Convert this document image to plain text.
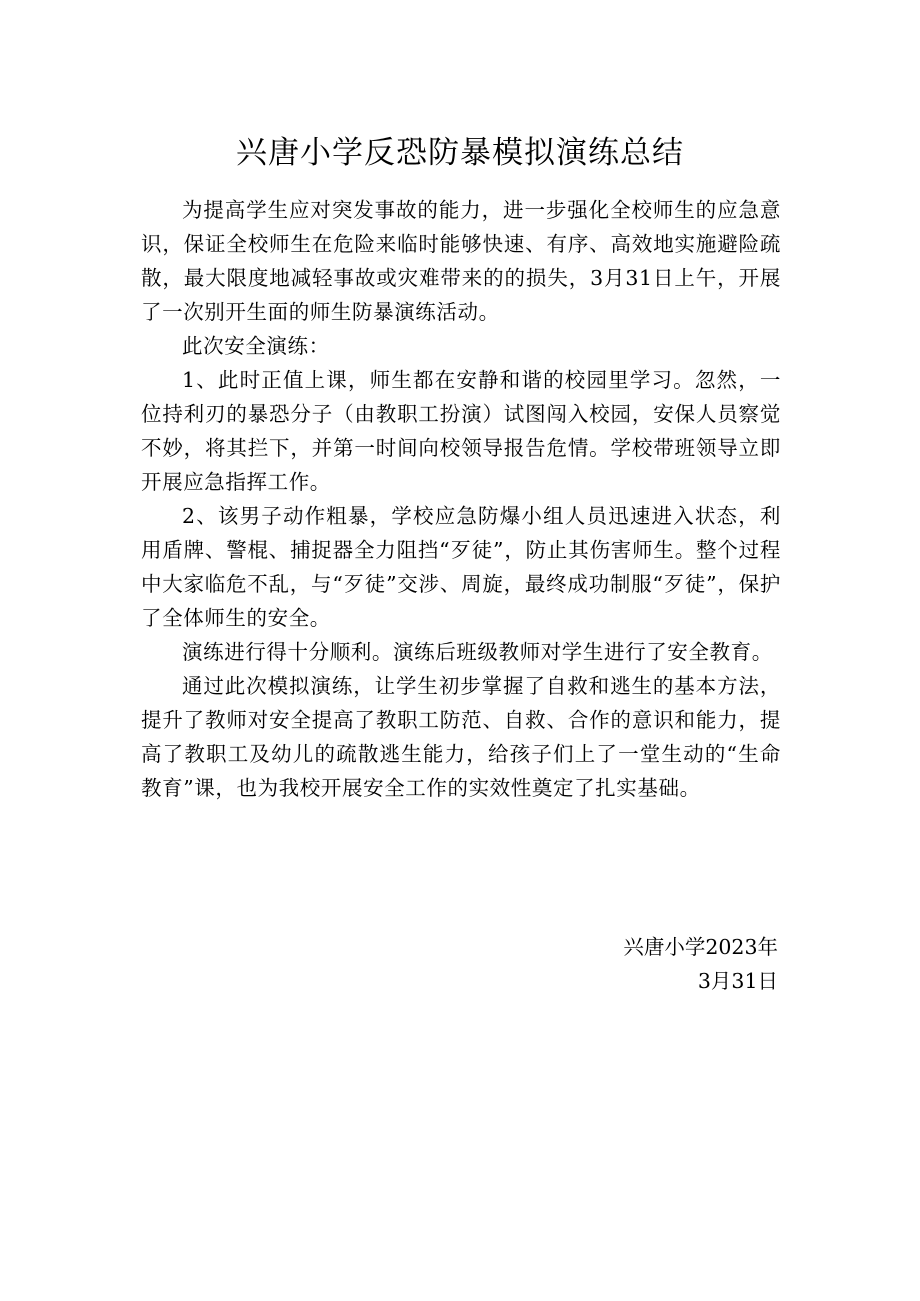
兴唐小学反恐防暴模拟演练总结

为提高学生应对突发事故的能力，进一步强化全校师生的应急意识，保证全校师生在危险来临时能够快速、有序、高效地实施避险疏散，最大限度地减轻事故或灾难带来的的损失，3月31日上午，开展了一次别开生面的师生防暴演练活动。

此次安全演练：

1、此时正值上课，师生都在安静和谐的校园里学习。忽然，一位持利刃的暴恐分子（由教职工扮演）试图闯入校园，安保人员察觉不妙，将其拦下，并第一时间向校领导报告危情。学校带班领导立即开展应急指挥工作。

2、该男子动作粗暴，学校应急防爆小组人员迅速进入状态，利用盾牌、警棍、捕捉器全力阻挡“歹徒”，防止其伤害师生。整个过程中大家临危不乱，与“歹徒”交涉、周旋，最终成功制服“歹徒”，保护了全体师生的安全。

演练进行得十分顺利。演练后班级教师对学生进行了安全教育。

通过此次模拟演练，让学生初步掌握了自救和逃生的基本方法，提升了教师对安全提高了教职工防范、自救、合作的意识和能力，提高了教职工及幼儿的疏散逃生能力，给孩子们上了一堂生动的“生命教育”课，也为我校开展安全工作的实效性奠定了扎实基础。

兴唐小学2023年
3月31日
